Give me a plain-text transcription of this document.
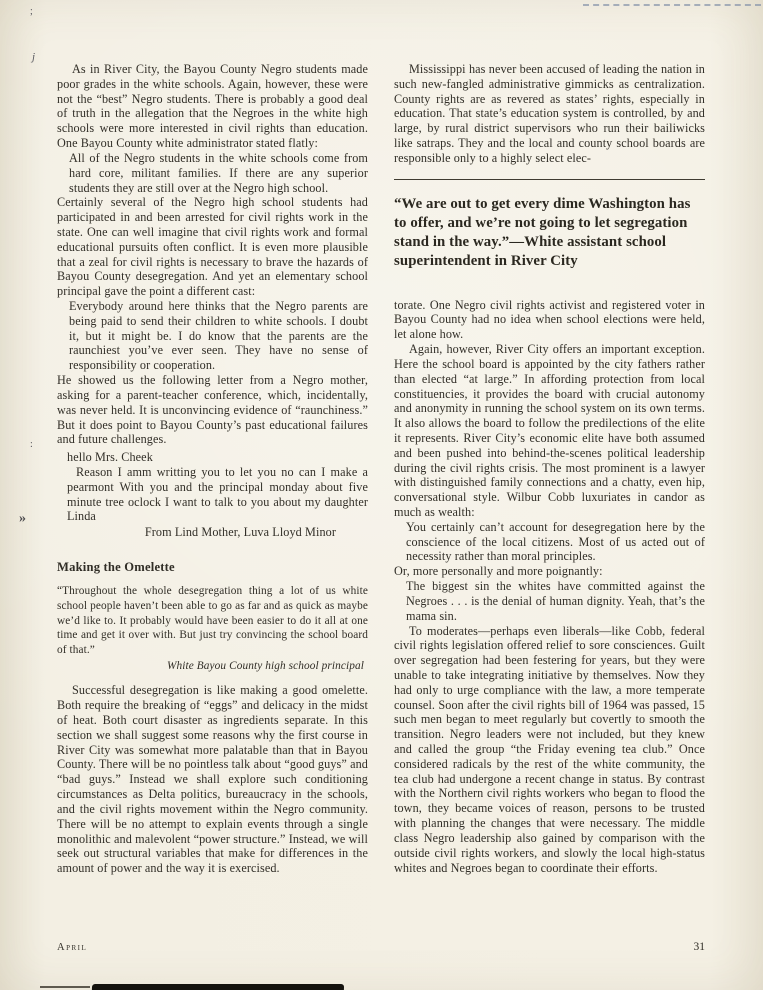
;
j
:
»

As in River City, the Bayou County Negro students made poor grades in the white schools. Again, however, these were not the “best” Negro students. There is probably a good deal of truth in the allegation that the Negroes in the white high schools were more interested in civil rights than education. One Bayou County white administrator stated flatly:

All of the Negro students in the white schools come from hard core, militant families. If there are any superior students they are still over at the Negro high school.

Certainly several of the Negro high school students had participated in and been arrested for civil rights work in the state. One can well imagine that civil rights work and formal educational pursuits often conflict. It is even more plausible that a zeal for civil rights is necessary to brave the hazards of Bayou County desegregation. And yet an elementary school principal gave the point a different cast:

Everybody around here thinks that the Negro parents are being paid to send their children to white schools. I doubt it, but it might be. I do know that the parents are the raunchiest you’ve ever seen. They have no sense of responsibility or cooperation.

He showed us the following letter from a Negro mother, asking for a parent-teacher conference, which, incidentally, was never held. It is unconvincing evidence of “raunchiness.” But it does point to Bayou County’s past educational failures and future challenges.

hello Mrs. Cheek

Reason I amm writting you to let you no can I make a pearmont With you and the principal monday about five minute tree oclock I want to talk to you about my daughter Linda

From Lind Mother, Luva Lloyd Minor

Making the Omelette

“Throughout the whole desegregation thing a lot of us white school people haven’t been able to go as far and as quick as maybe we’d like to. It probably would have been easier to do it all at one time and get it over with. But just try convincing the school board of that.”

White Bayou County high school principal

Successful desegregation is like making a good omelette. Both require the breaking of “eggs” and delicacy in the midst of heat. Both court disaster as ingredients separate. In this section we shall suggest some reasons why the first course in River City was somewhat more palatable than that in Bayou County. There will be no pointless talk about “good guys” and “bad guys.” Instead we shall explore such conditioning circumstances as Delta politics, bureaucracy in the schools, and the civil rights movement within the Negro community. There will be no attempt to explain events through a single monolithic and malevolent “power structure.” Instead, we will seek out structural variables that make for differences in the amount of power and the way it is exercised.

Mississippi has never been accused of leading the nation in such new-fangled administrative gimmicks as centralization. County rights are as revered as states’ rights, especially in education. That state’s education system is controlled, by and large, by rural district supervisors who run their bailiwicks like satraps. They and the local and county school boards are responsible only to a highly select elec-

“We are out to get every dime Washington has to offer, and we’re not going to let segregation stand in the way.”—White assistant school superintendent in River City

torate. One Negro civil rights activist and registered voter in Bayou County had no idea when school elections were held, let alone how.

Again, however, River City offers an important exception. Here the school board is appointed by the city fathers rather than elected “at large.” In affording protection from local constituencies, it provides the board with crucial autonomy and anonymity in running the school system on its own terms. It also allows the board to follow the predilections of the elite it represents. River City’s economic elite have both assumed and been pushed into behind-the-scenes political leadership during the civil rights crisis. The most prominent is a lawyer with distinguished family connections and a chatty, even hip, conversational style. Wilbur Cobb luxuriates in candor as much as wealth:

You certainly can’t account for desegregation here by the conscience of the local citizens. Most of us acted out of necessity rather than moral principles.

Or, more personally and more poignantly:

The biggest sin the whites have committed against the Negroes . . . is the denial of human dignity. Yeah, that’s the mama sin.

To moderates—perhaps even liberals—like Cobb, federal civil rights legislation offered relief to sore consciences. Guilt over segregation had been festering for years, but they were unable to take integrating initiative by themselves. Now they had only to urge compliance with the law, a more temperate counsel. Soon after the civil rights bill of 1964 was passed, 15 such men began to meet regularly but covertly to smooth the transition. Negro leaders were not included, but they knew and called the group “the Friday evening tea club.” Once considered radicals by the rest of the white community, the tea club had undergone a recent change in status. By contrast with the Northern civil rights workers who began to flood the town, they became voices of reason, persons to be trusted with planning the changes that were necessary. The middle class Negro leadership also gained by comparison with the outside civil rights workers, and slowly the local high-status whites and Negroes began to coordinate their efforts.

April	31
